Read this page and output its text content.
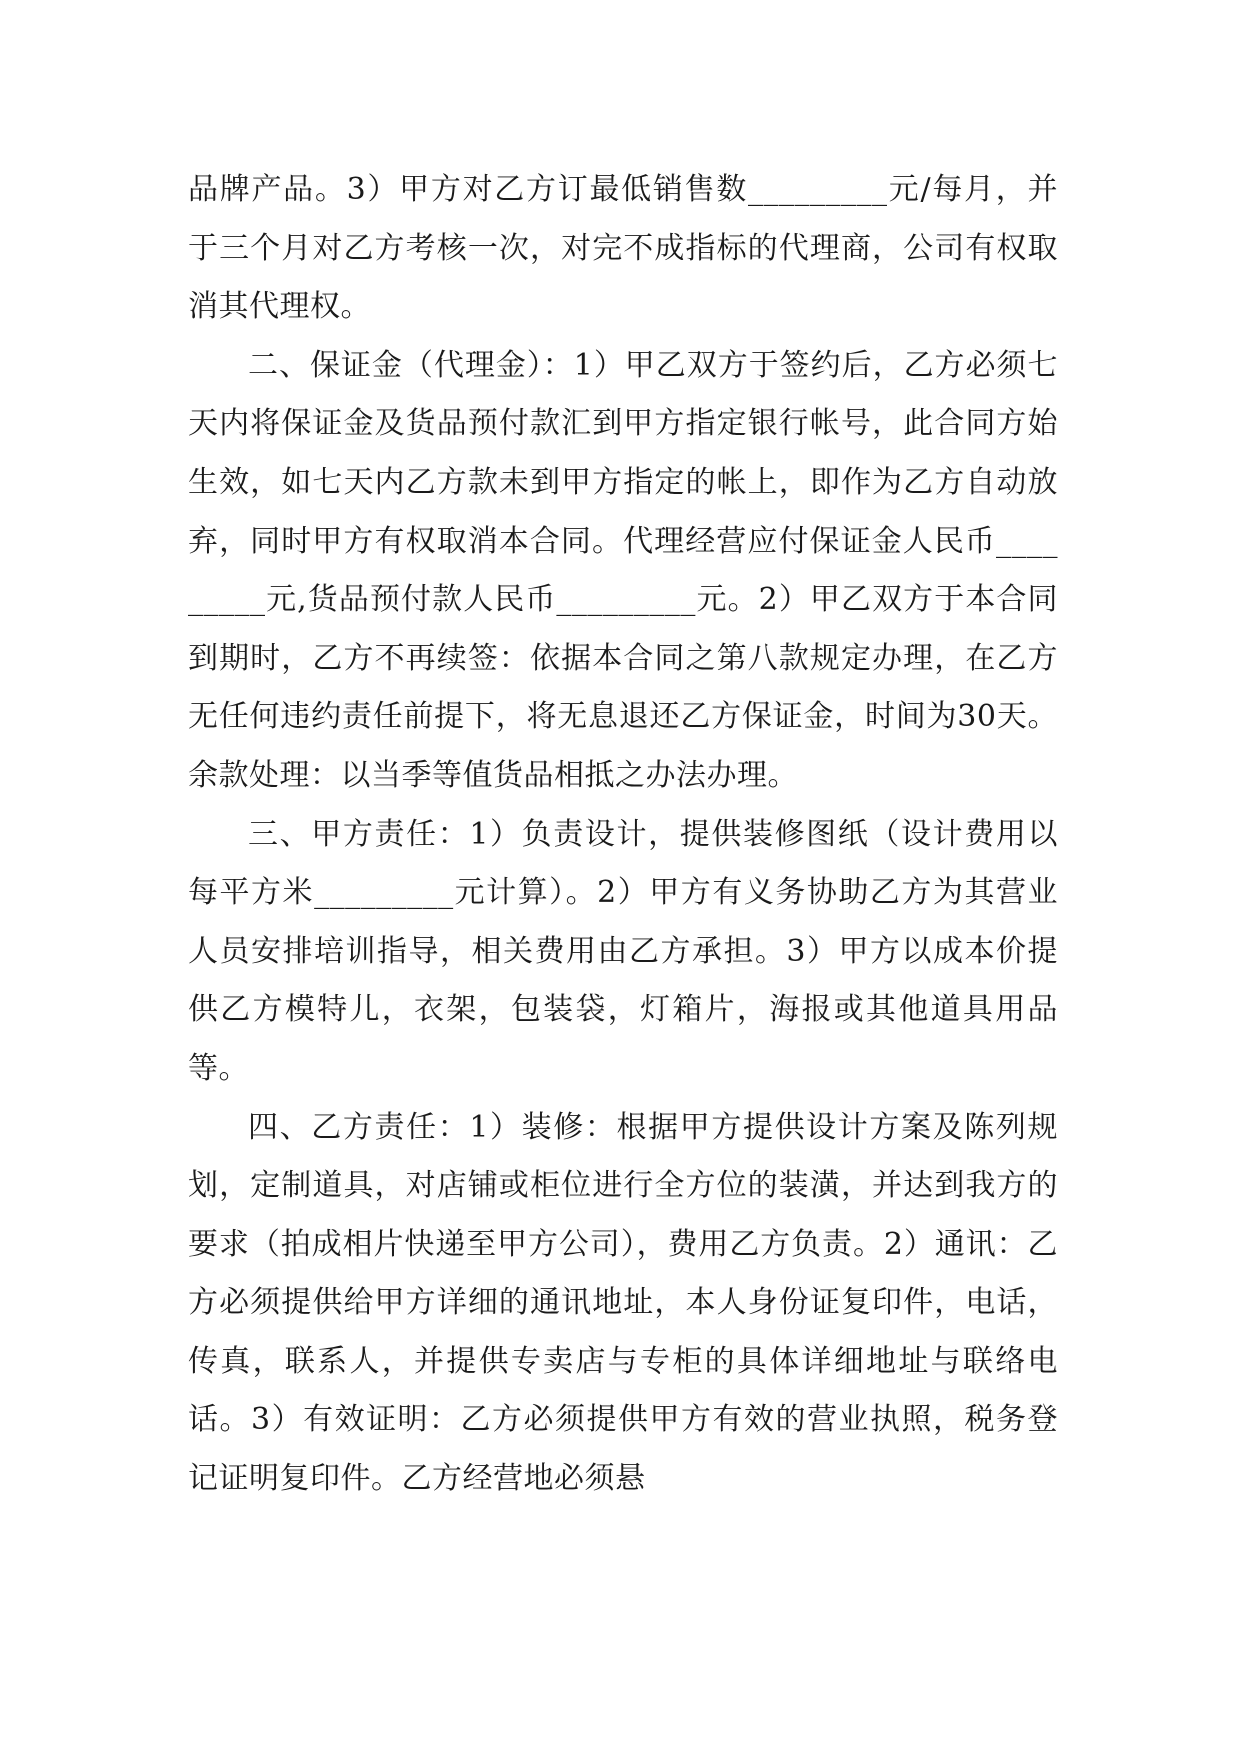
品牌产品。3）甲方对乙方订最低销售数_________元/每月，并于三个月对乙方考核一次，对完不成指标的代理商，公司有权取消其代理权。

二、保证金（代理金）：1）甲乙双方于签约后，乙方必须七天内将保证金及货品预付款汇到甲方指定银行帐号，此合同方始生效，如七天内乙方款未到甲方指定的帐上，即作为乙方自动放弃，同时甲方有权取消本合同。代理经营应付保证金人民币_________元,货品预付款人民币_________元。2）甲乙双方于本合同到期时，乙方不再续签：依据本合同之第八款规定办理，在乙方无任何违约责任前提下，将无息退还乙方保证金，时间为30天。余款处理：以当季等值货品相抵之办法办理。

三、甲方责任：1）负责设计，提供装修图纸（设计费用以每平方米_________元计算）。2）甲方有义务协助乙方为其营业人员安排培训指导，相关费用由乙方承担。3）甲方以成本价提供乙方模特儿，衣架，包装袋，灯箱片，海报或其他道具用品等。

四、乙方责任：1）装修：根据甲方提供设计方案及陈列规划，定制道具，对店铺或柜位进行全方位的装潢，并达到我方的要求（拍成相片快递至甲方公司），费用乙方负责。2）通讯：乙方必须提供给甲方详细的通讯地址，本人身份证复印件，电话，传真，联系人，并提供专卖店与专柜的具体详细地址与联络电话。3）有效证明：乙方必须提供甲方有效的营业执照，税务登记证明复印件。乙方经营地必须悬
